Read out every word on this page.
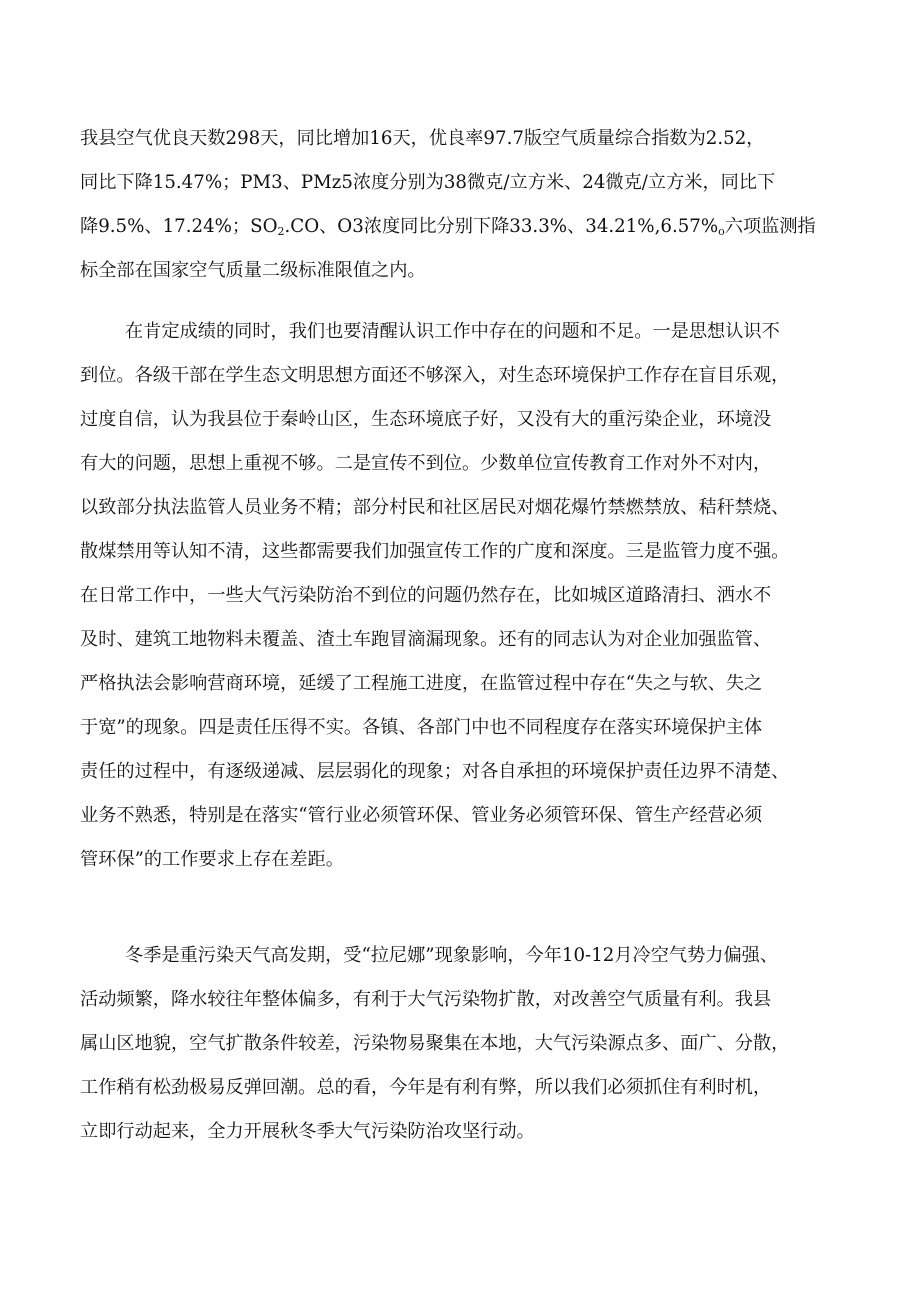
我县空气优良天数298天，同比增加16天，优良率97.7版空气质量综合指数为2.52，
同比下降15.47%；PM3、PMz5浓度分别为38微克/立方米、24微克/立方米，同比下
降9.5%、17.24%；$SO_2.CO$、O3浓度同比分别下降33.3%、$34.21\%,6.57\%_o$六项监测指
标全部在国家空气质量二级标准限值之内。
在肯定成绩的同时，我们也要清醒认识工作中存在的问题和不足。一是思想认识不
到位。各级干部在学生态文明思想方面还不够深入，对生态环境保护工作存在盲目乐观，
过度自信，认为我县位于秦岭山区，生态环境底子好，又没有大的重污染企业，环境没
有大的问题，思想上重视不够。二是宣传不到位。少数单位宣传教育工作对外不对内，
以致部分执法监管人员业务不精；部分村民和社区居民对烟花爆竹禁燃禁放、秸秆禁烧、
散煤禁用等认知不清，这些都需要我们加强宣传工作的广度和深度。三是监管力度不强。
在日常工作中，一些大气污染防治不到位的问题仍然存在，比如城区道路清扫、洒水不
及时、建筑工地物料未覆盖、渣土车跑冒滴漏现象。还有的同志认为对企业加强监管、
严格执法会影响营商环境，延缓了工程施工进度，在监管过程中存在“失之与软、失之
于宽”的现象。四是责任压得不实。各镇、各部门中也不同程度存在落实环境保护主体
责任的过程中，有逐级递减、层层弱化的现象；对各自承担的环境保护责任边界不清楚、
业务不熟悉，特别是在落实“管行业必须管环保、管业务必须管环保、管生产经营必须
管环保”的工作要求上存在差距。
冬季是重污染天气高发期，受“拉尼娜”现象影响，今年10-12月冷空气势力偏强、
活动频繁，降水较往年整体偏多，有利于大气污染物扩散，对改善空气质量有利。我县
属山区地貌，空气扩散条件较差，污染物易聚集在本地，大气污染源点多、面广、分散，
工作稍有松劲极易反弹回潮。总的看，今年是有利有弊，所以我们必须抓住有利时机，
立即行动起来，全力开展秋冬季大气污染防治攻坚行动。
